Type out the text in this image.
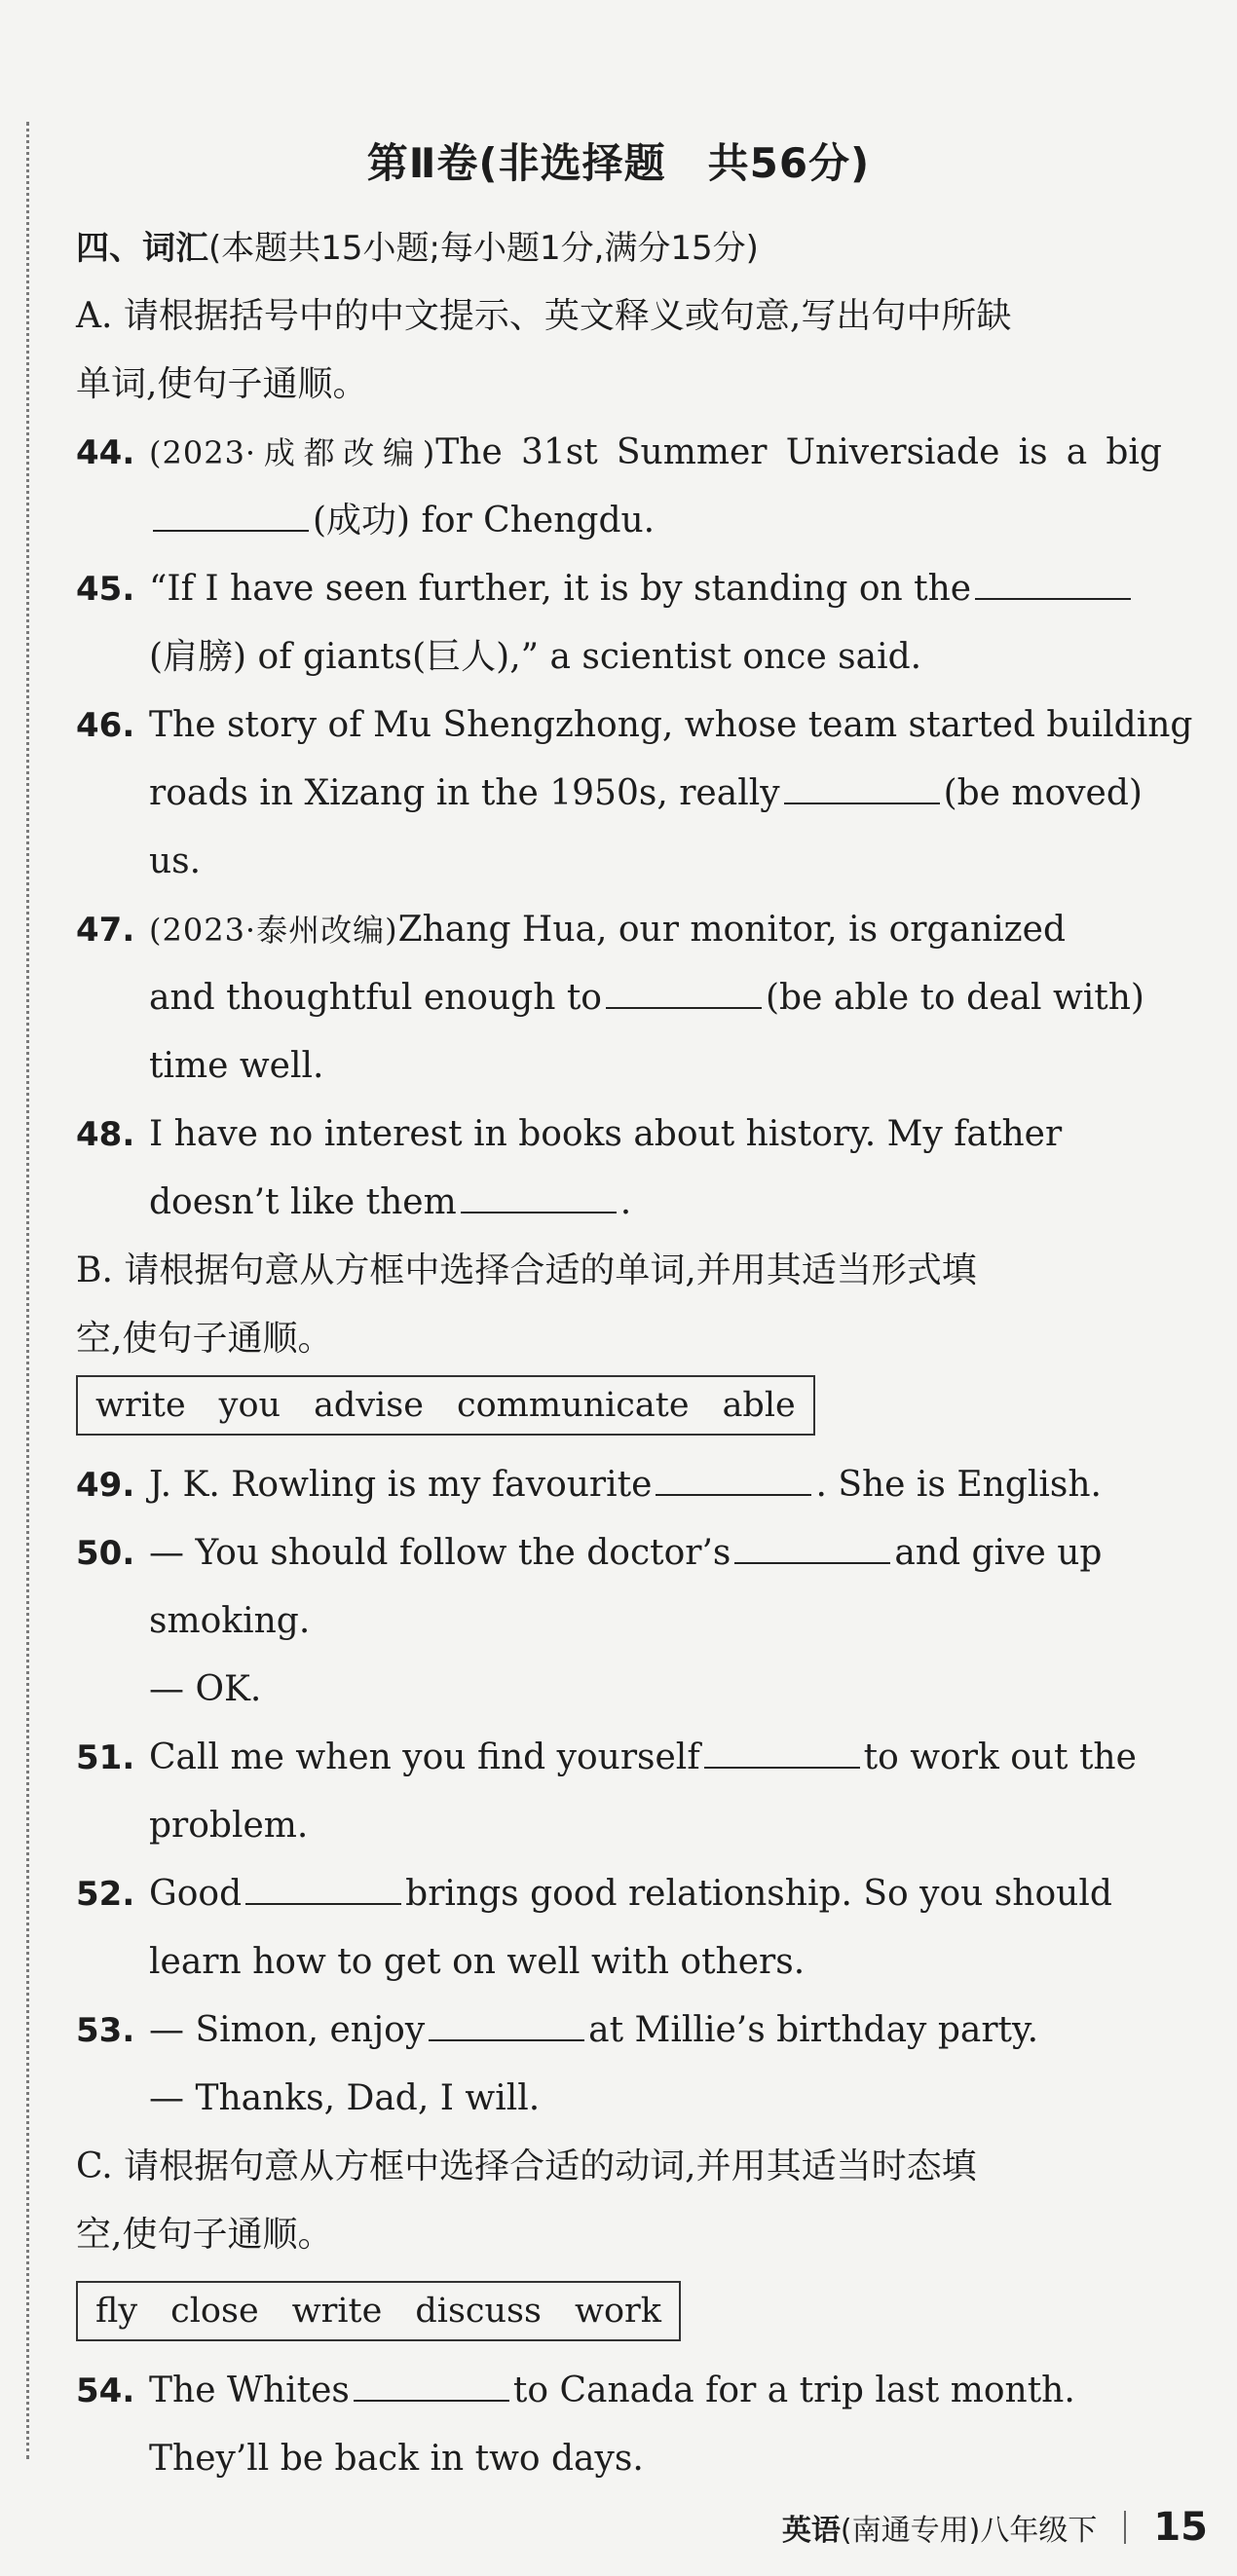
第Ⅱ卷(非选择题　共56分)
四、词汇(本题共15小题;每小题1分,满分15分)
A. 请根据括号中的中文提示、英文释义或句意,写出句中所缺
单词,使句子通顺。
44. (2023·成都改编)The 31st Summer Universiade is a big
(成功) for Chengdu.
45. “If I have seen further, it is by standing on the
(肩膀) of giants(巨人),” a scientist once said.
46. The story of Mu Shengzhong, whose team started building
roads in Xizang in the 1950s, really	(be moved)
us.
47. (2023·泰州改编)Zhang Hua, our monitor, is organized
and thoughtful enough to	(be able to deal with)
time well.
48. I have no interest in books about history. My father
doesn’t like them	.
B. 请根据句意从方框中选择合适的单词,并用其适当形式填
空,使句子通顺。
write you advise communicate able
49. J. K. Rowling is my favourite	. She is English.
50. — You should follow the doctor’s	and give up
smoking.
— OK.
51. Call me when you find yourself	to work out the
problem.
52. Good	brings good relationship. So you should
learn how to get on well with others.
53. — Simon, enjoy	at Millie’s birthday party.
— Thanks, Dad, I will.
C. 请根据句意从方框中选择合适的动词,并用其适当时态填
空,使句子通顺。
fly close write discuss work
54. The Whites	to Canada for a trip last month.
They’ll be back in two days.
英语 (南通专用)八年级下 15
